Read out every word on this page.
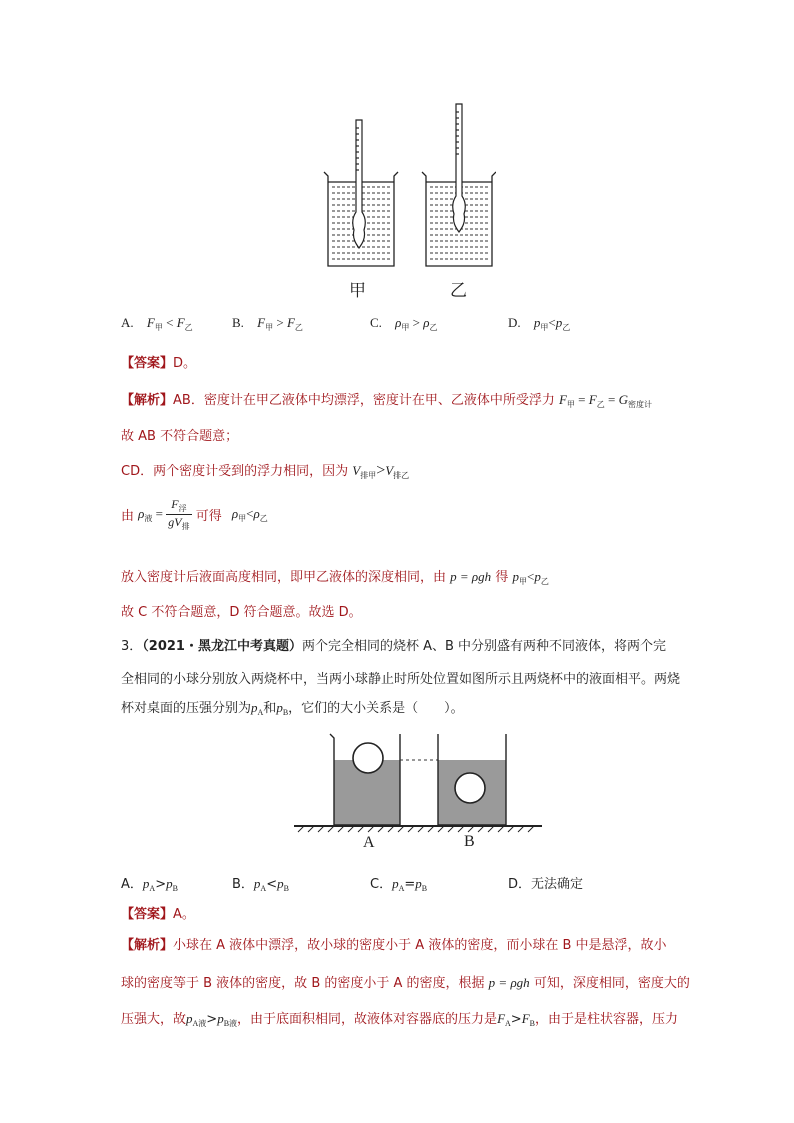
甲	乙
A. $F_甲 < F_乙$	B. $F_甲 > F_乙$	C. $\rho_甲 > \rho_乙$	D. $p_甲<p_乙$
【答案】D。
【解析】AB．密度计在甲乙液体中均漂浮，密度计在甲、乙液体中所受浮力 $F_甲 = F_乙 = G_{密度计}$
故 AB 不符合题意；
CD．两个密度计受到的浮力相同，因为 $V_{排甲}>V_{排乙}$
由 $\rho_液 = \frac{F_浮}{gV_排}$ 可得 $\rho_甲<\rho_乙$
放入密度计后液面高度相同，即甲乙液体的深度相同，由 p = ρgh 得 $p_甲<p_乙$
故 C 不符合题意，D 符合题意。故选 D。
3．（2021・黑龙江中考真题）两个完全相同的烧杯 A、B 中分别盛有两种不同液体，将两个完
全相同的小球分别放入两烧杯中，当两小球静止时所处位置如图所示且两烧杯中的液面相平。两烧
杯对桌面的压强分别为$p_A$和$p_B$，它们的大小关系是（　　）。
A	B
A．$p_A>p_B$	B．$p_A<p_B$	C．$p_A=p_B$	D．无法确定
【答案】A。
【解析】小球在 A 液体中漂浮，故小球的密度小于 A 液体的密度，而小球在 B 中是悬浮，故小
球的密度等于 B 液体的密度，故 B 的密度小于 A 的密度，根据 p = ρgh 可知，深度相同，密度大的
压强大，故$p_{A液}>p_{B液}$，由于底面积相同，故液体对容器底的压力是$F_A>F_B$，由于是柱状容器，压力
